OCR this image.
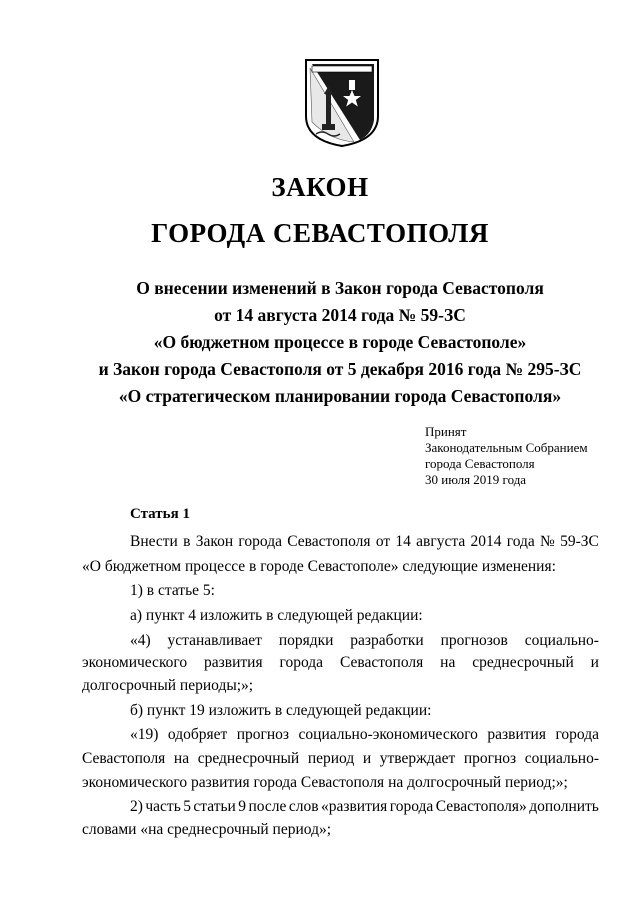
ЗАКОН
ГОРОДА СЕВАСТОПОЛЯ
О внесении изменений в Закон города Севастополя
от 14 августа 2014 года № 59-ЗС
«О бюджетном процессе в городе Севастополе»
и Закон города Севастополя от 5 декабря 2016 года № 295-ЗС
«О стратегическом планировании города Севастополя»
Принят
Законодательным Собранием
города Севастополя
30 июля 2019 года
Статья 1
Внести в Закон города Севастополя от 14 августа 2014 года № 59-ЗС
«О бюджетном процессе в городе Севастополе» следующие изменения:
1) в статье 5:
а) пункт 4 изложить в следующей редакции:
«4) устанавливает порядки разработки прогнозов социально-
экономического развития города Севастополя на среднесрочный и
долгосрочный периоды;»;
б) пункт 19 изложить в следующей редакции:
«19) одобряет прогноз социально-экономического развития города
Севастополя на среднесрочный период и утверждает прогноз социально-
экономического развития города Севастополя на долгосрочный период;»;
2) часть 5 статьи 9 после слов «развития города Севастополя» дополнить
словами «на среднесрочный период»;
